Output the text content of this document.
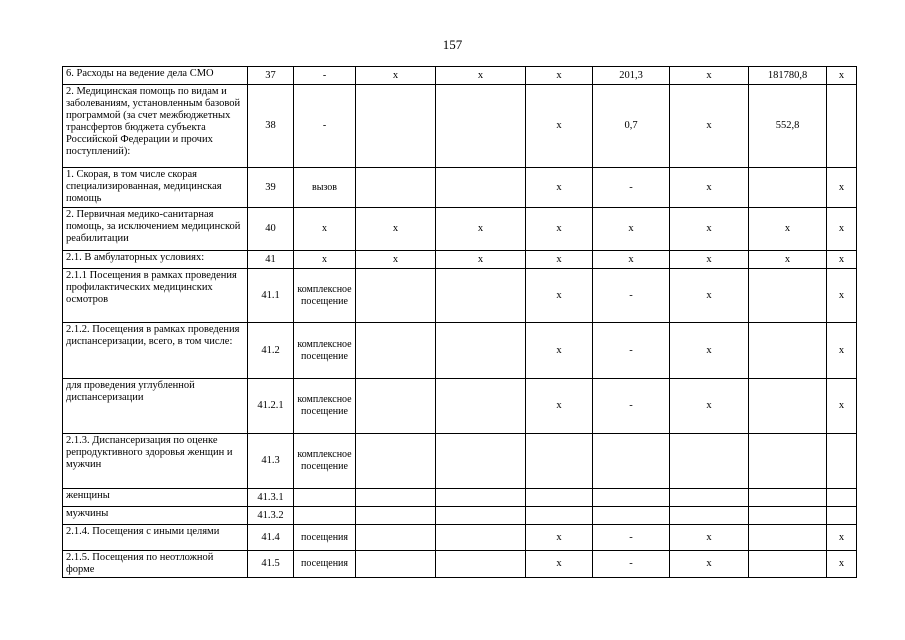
157
6. Расходы на ведение дела СМО	37	-	х	х	х	201,3	х	181780,8	х
2. Медицинская помощь по видам и заболеваниям, установленным базовой программой (за счет межбюджетных трансфертов бюджета субъекта Российской Федерации и прочих поступлений):	38	-			х	0,7	х	552,8	
1. Скорая, в том числе скорая специализированная, медицинская помощь	39	вызов			х	-	х		х
2. Первичная медико-санитарная помощь, за исключением медицинской реабилитации	40	х	х	х	х	х	х	х	х
2.1. В амбулаторных условиях:	41	х	х	х	х	х	х	х	х
2.1.1 Посещения в рамках проведения профилактических медицинских осмотров	41.1	комплексное посещение			х	-	х		х
2.1.2. Посещения в рамках проведения диспансеризации, всего, в том числе:	41.2	комплексное посещение			х	-	х		х
для проведения углубленной диспансеризации	41.2.1	комплексное посещение			х	-	х		х
2.1.3. Диспансеризация по оценке репродуктивного здоровья женщин и мужчин	41.3	комплексное посещение							
женщины	41.3.1								
мужчины	41.3.2								
2.1.4. Посещения с иными целями	41.4	посещения			х	-	х		х
2.1.5. Посещения по неотложной форме	41.5	посещения			х	-	х		х
